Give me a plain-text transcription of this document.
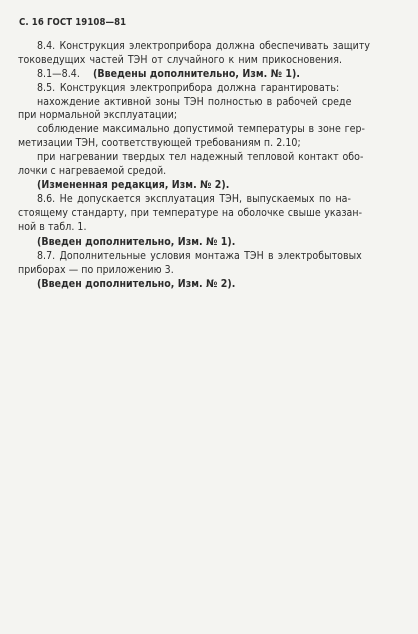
С. 16 ГОСТ 19108—81
8.4. Конструкция электроприбора должна обеспечивать защиту
токоведущих частей ТЭН от случайного к ним прикосновения.
8.1—8.4. (Введены дополнительно, Изм. № 1).
8.5. Конструкция электроприбора должна гарантировать:
нахождение активной зоны ТЭН полностью в рабочей среде
при нормальной эксплуатации;
соблюдение максимально допустимой температуры в зоне гер-
метизации ТЭН, соответствующей требованиям п. 2.10;
при нагревании твердых тел надежный тепловой контакт обо-
лочки с нагреваемой средой.
(Измененная редакция, Изм. № 2).
8.6. Не допускается эксплуатация ТЭН, выпускаемых по на-
стоящему стандарту, при температуре на оболочке свыше указан-
ной в табл. 1.
(Введен дополнительно, Изм. № 1).
8.7. Дополнительные условия монтажа ТЭН в электробытовых
приборах — по приложению 3.
(Введен дополнительно, Изм. № 2).
